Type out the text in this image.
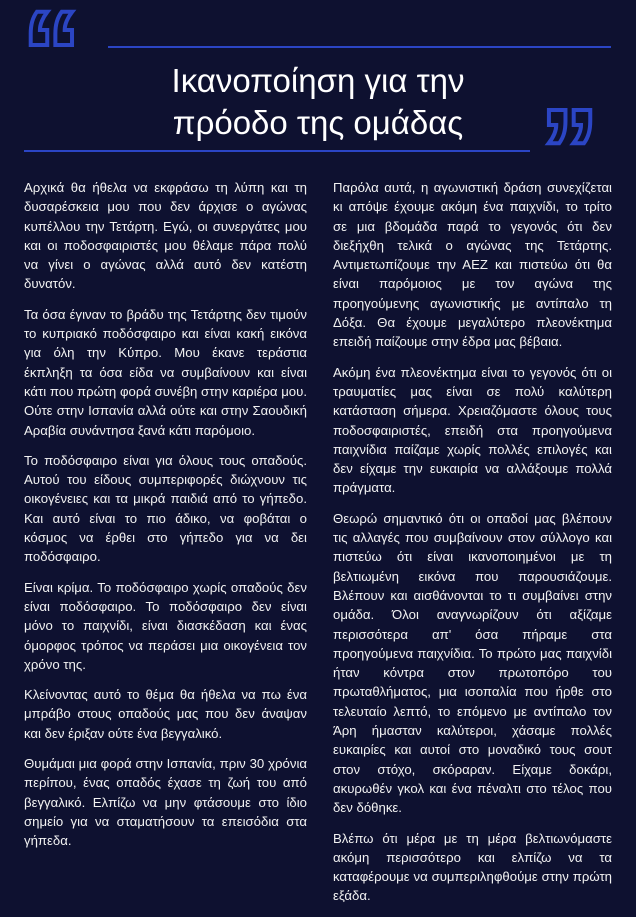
“	Ικανοποίηση για την
πρόοδο της ομάδας ”

Αρχικά θα ήθελα να εκφράσω τη λύπη και τη δυσαρέσκεια μου που δεν άρχισε ο αγώνας κυπέλλου την Τετάρτη. Εγώ, οι συνεργάτες μου και οι ποδοσφαιριστές μου θέλαμε πάρα πολύ να γίνει ο αγώνας αλλά αυτό δεν κατέστη δυνατόν.

Τα όσα έγιναν το βράδυ της Τετάρτης δεν τιμούν το κυπριακό ποδόσφαιρο και είναι κακή εικόνα για όλη την Κύπρο. Μου έκανε τεράστια έκπληξη τα όσα είδα να συμβαίνουν και είναι κάτι που πρώτη φορά συνέβη στην καριέρα μου. Ούτε στην Ισπανία αλλά ούτε και στην Σαουδική Αραβία συνάντησα ξανά κάτι παρόμοιο.

Το ποδόσφαιρο είναι για όλους τους οπαδούς. Αυτού του είδους συμπεριφορές διώχνουν τις οικογένειες και τα μικρά παιδιά από το γήπεδο. Και αυτό είναι το πιο άδικο, να φοβάται ο κόσμος να έρθει στο γήπεδο για να δει ποδόσφαιρο.

Είναι κρίμα. Το ποδόσφαιρο χωρίς οπαδούς δεν είναι ποδόσφαιρο. Το ποδόσφαιρο δεν είναι μόνο το παιχνίδι, είναι διασκέδαση και ένας όμορφος τρόπος να περάσει μια οικογένεια τον χρόνο της.

Κλείνοντας αυτό το θέμα θα ήθελα να πω ένα μπράβο στους οπαδούς μας που δεν άναψαν και δεν έριξαν ούτε ένα βεγγαλικό.

Θυμάμαι μια φορά στην Ισπανία, πριν 30 χρόνια περίπου, ένας οπαδός έχασε τη ζωή του από βεγγαλικό. Ελπίζω να μην φτάσουμε στο ίδιο σημείο για να σταματήσουν τα επεισόδια στα γήπεδα.

Παρόλα αυτά, η αγωνιστική δράση συνεχίζεται κι απόψε έχουμε ακόμη ένα παιχνίδι, το τρίτο σε μια βδομάδα παρά το γεγονός ότι δεν διεξήχθη τελικά ο αγώνας της Τετάρτης. Αντιμετωπίζουμε την ΑΕΖ και πιστεύω ότι θα είναι παρόμοιος με τον αγώνα της προηγούμενης αγωνιστικής με αντίπαλο τη Δόξα. Θα έχουμε μεγαλύτερο πλεονέκτημα επειδή παίζουμε στην έδρα μας βέβαια.

Ακόμη ένα πλεονέκτημα είναι το γεγονός ότι οι τραυματίες μας είναι σε πολύ καλύτερη κατάσταση σήμερα. Χρειαζόμαστε όλους τους ποδοσφαιριστές, επειδή στα προηγούμενα παιχνίδια παίζαμε χωρίς πολλές επιλογές και δεν είχαμε την ευκαιρία να αλλάξουμε πολλά πράγματα.

Θεωρώ σημαντικό ότι οι οπαδοί μας βλέπουν τις αλλαγές που συμβαίνουν στον σύλλογο και πιστεύω ότι είναι ικανοποιημένοι με τη βελτιωμένη εικόνα που παρουσιάζουμε. Βλέπουν και αισθάνονται το τι συμβαίνει στην ομάδα. Όλοι αναγνωρίζουν ότι αξίζαμε περισσότερα απ' όσα πήραμε στα προηγούμενα παιχνίδια. Το πρώτο μας παιχνίδι ήταν κόντρα στον πρωτοπόρο του πρωταθλήματος, μια ισοπαλία που ήρθε στο τελευταίο λεπτό, το επόμενο με αντίπαλο τον Άρη ήμασταν καλύτεροι, χάσαμε πολλές ευκαιρίες και αυτοί στο μοναδικό τους σουτ στον στόχο, σκόραραν. Είχαμε δοκάρι, ακυρωθέν γκολ και ένα πέναλτι στο τέλος που δεν δόθηκε.

Βλέπω ότι μέρα με τη μέρα βελτιωνόμαστε ακόμη περισσότερο και ελπίζω να τα καταφέρουμε να συμπεριληφθούμε στην πρώτη εξάδα.
